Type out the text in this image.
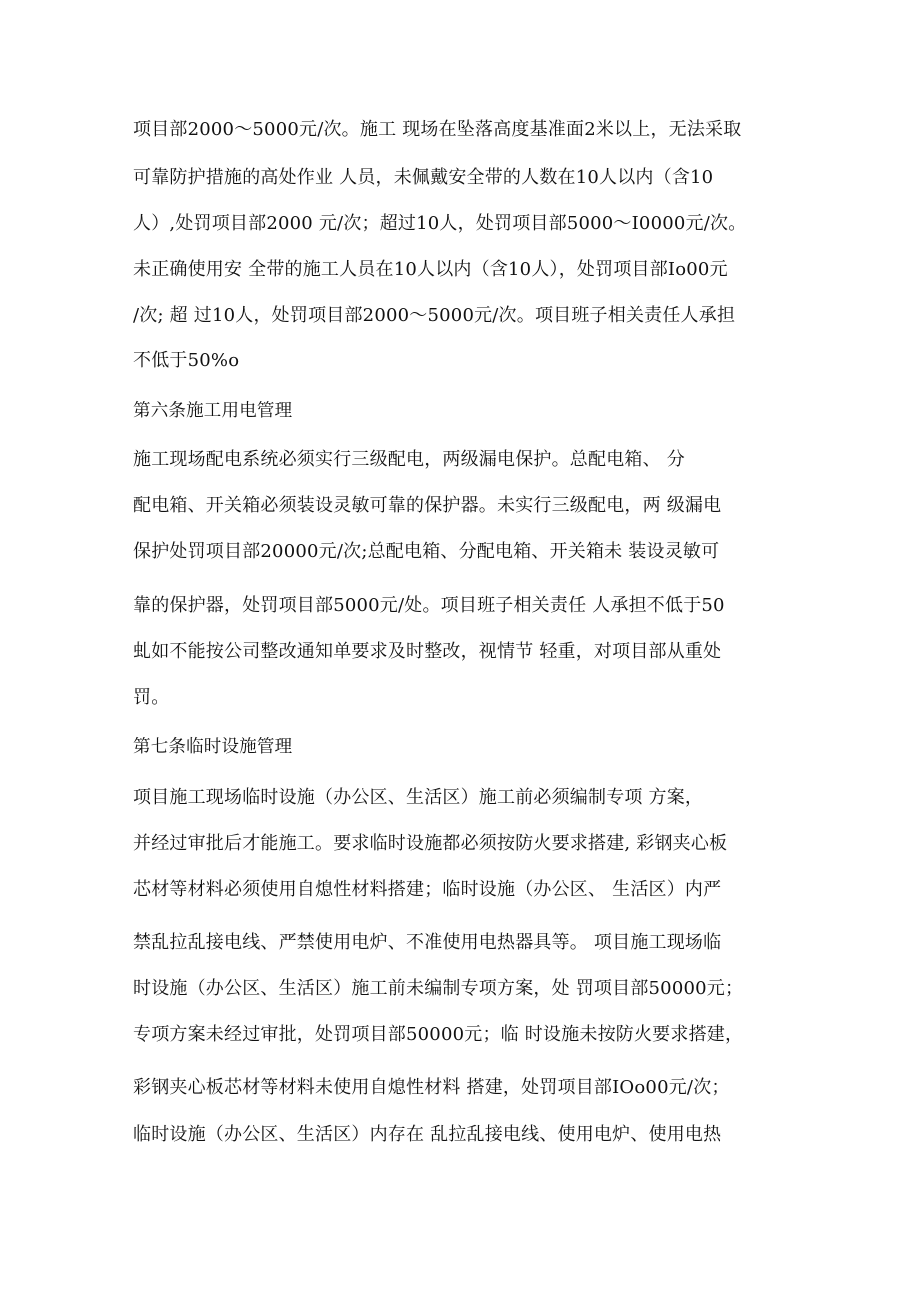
项目部2000～5000元/次。施工 现场在坠落高度基准面2米以上，无法采取
可靠防护措施的高处作业 人员，未佩戴安全带的人数在10人以内（含10
人）,处罚项目部2000 元/次；超过10人，处罚项目部5000～I0000元/次。
未正确使用安 全带的施工人员在10人以内（含10人），处罚项目部Io00元
/次; 超 过10人，处罚项目部2000～5000元/次。项目班子相关责任人承担
不低于50%o
第六条施工用电管理
施工现场配电系统必须实行三级配电，两级漏电保护。总配电箱、 分
配电箱、开关箱必须装设灵敏可靠的保护器。未实行三级配电，两 级漏电
保护处罚项目部20000元/次;总配电箱、分配电箱、开关箱未 装设灵敏可
靠的保护器，处罚项目部5000元/处。项目班子相关责任 人承担不低于50
虬如不能按公司整改通知单要求及时整改，视情节 轻重，对项目部从重处
罚。
第七条临时设施管理
项目施工现场临时设施（办公区、生活区）施工前必须编制专项 方案，
并经过审批后才能施工。要求临时设施都必须按防火要求搭建, 彩钢夹心板
芯材等材料必须使用自熄性材料搭建；临时设施（办公区、 生活区）内严
禁乱拉乱接电线、严禁使用电炉、不准使用电热器具等。 项目施工现场临
时设施（办公区、生活区）施工前未编制专项方案，处 罚项目部50000元；
专项方案未经过审批，处罚项目部50000元；临 时设施未按防火要求搭建，
彩钢夹心板芯材等材料未使用自熄性材料 搭建，处罚项目部IOo00元/次；
临时设施（办公区、生活区）内存在 乱拉乱接电线、使用电炉、使用电热
